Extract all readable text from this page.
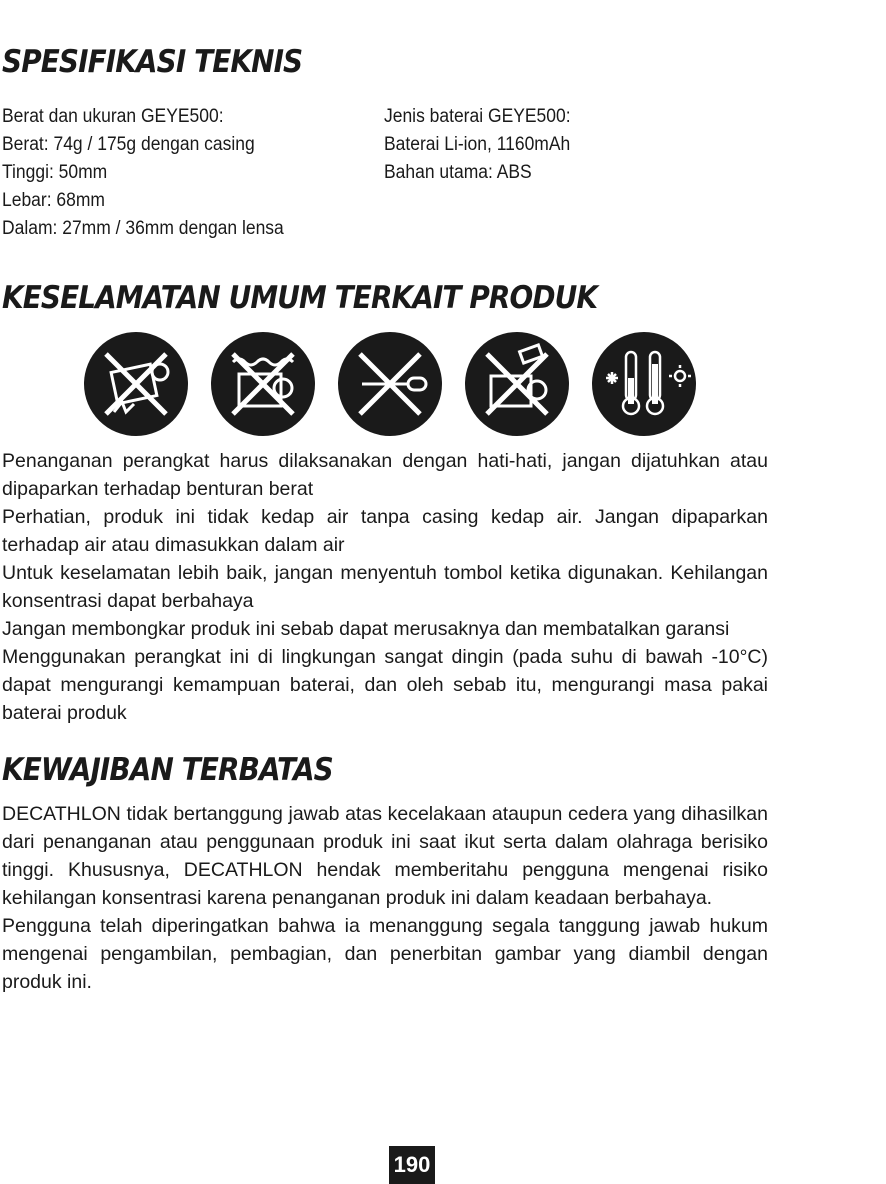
SPESIFIKASI TEKNIS
Berat dan ukuran GEYE500:
Berat: 74g / 175g dengan casing
Tinggi: 50mm
Lebar: 68mm
Dalam: 27mm / 36mm dengan lensa
Jenis baterai GEYE500:
Baterai Li-ion, 1160mAh
Bahan utama: ABS
KESELAMATAN UMUM TERKAIT PRODUK
Penanganan perangkat harus dilaksanakan dengan hati-hati, jangan dijatuhkan atau dipaparkan terhadap benturan berat
Perhatian, produk ini tidak kedap air tanpa casing kedap air. Jangan dipaparkan terhadap air atau dimasukkan dalam air
Untuk keselamatan lebih baik, jangan menyentuh tombol ketika digunakan. Kehilangan konsentrasi dapat berbahaya
Jangan membongkar produk ini sebab dapat merusaknya dan membatalkan garansi
Menggunakan perangkat ini di lingkungan sangat dingin (pada suhu di bawah -10°C) dapat mengurangi kemampuan baterai, dan oleh sebab itu, mengurangi masa pakai baterai produk
KEWAJIBAN TERBATAS
DECATHLON tidak bertanggung jawab atas kecelakaan ataupun cedera yang dihasilkan dari penanganan atau penggunaan produk ini saat ikut serta dalam olahraga berisiko tinggi. Khususnya, DECATHLON hendak memberitahu pengguna mengenai risiko kehilangan konsentrasi karena penanganan produk ini dalam keadaan berbahaya.
Pengguna telah diperingatkan bahwa ia menanggung segala tanggung jawab hukum mengenai pengambilan, pembagian, dan penerbitan gambar yang diambil dengan produk ini.
190
